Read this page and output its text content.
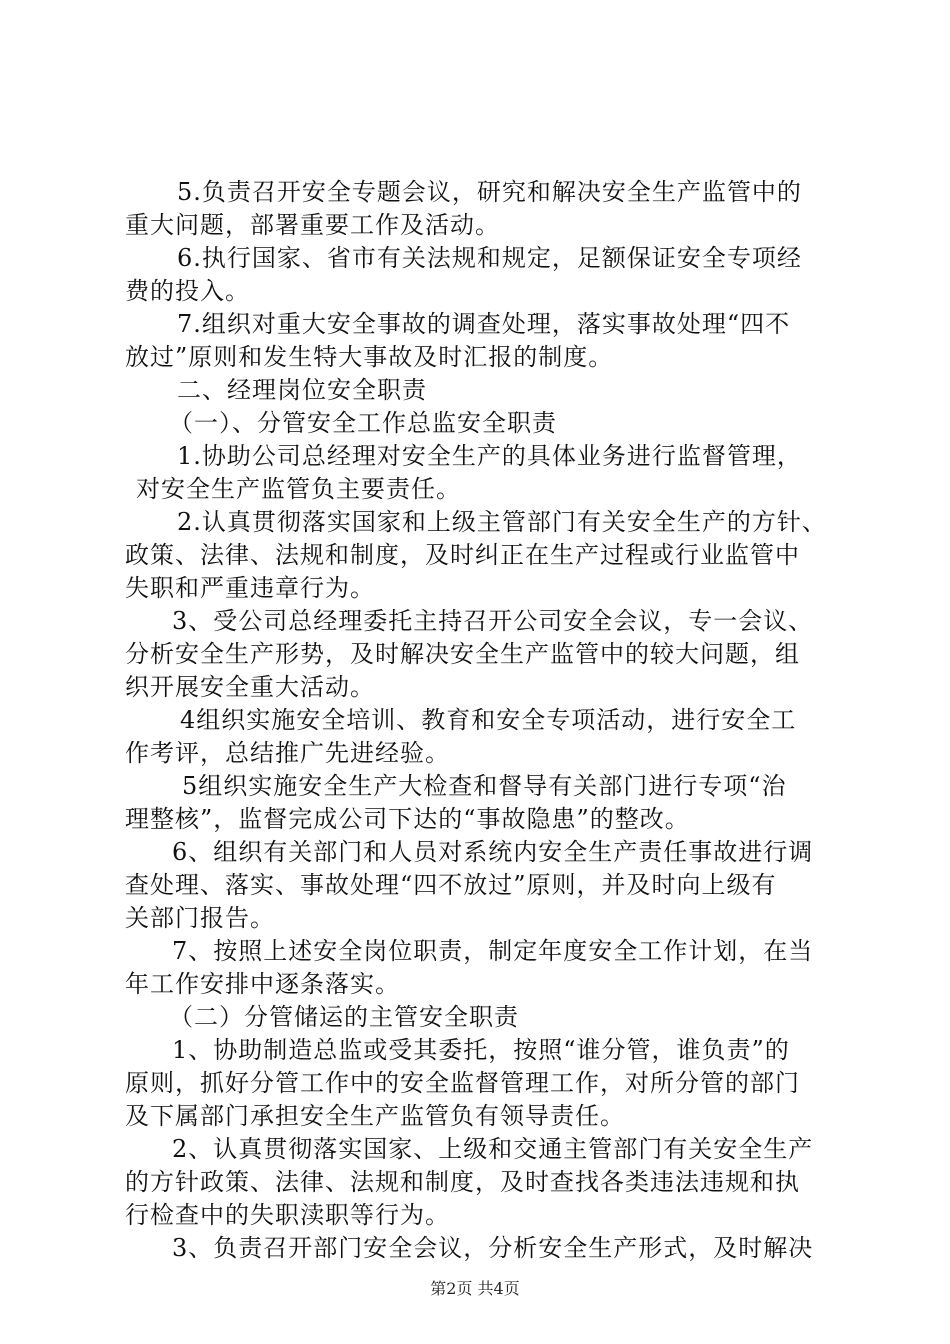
5.负责召开安全专题会议，研究和解决安全生产监管中的
重大问题，部署重要工作及活动。
6.执行国家、省市有关法规和规定，足额保证安全专项经
费的投入。
7.组织对重大安全事故的调查处理，落实事故处理“四不
放过”原则和发生特大事故及时汇报的制度。
二、经理岗位安全职责
（一）、分管安全工作总监安全职责
1.协助公司总经理对安全生产的具体业务进行监督管理，
对安全生产监管负主要责任。
2.认真贯彻落实国家和上级主管部门有关安全生产的方针、
政策、法律、法规和制度，及时纠正在生产过程或行业监管中
失职和严重违章行为。
3、受公司总经理委托主持召开公司安全会议，专一会议、
分析安全生产形势，及时解决安全生产监管中的较大问题，组
织开展安全重大活动。
4组织实施安全培训、教育和安全专项活动，进行安全工
作考评，总结推广先进经验。
5组织实施安全生产大检查和督导有关部门进行专项“治
理整核”，监督完成公司下达的“事故隐患”的整改。
6、组织有关部门和人员对系统内安全生产责任事故进行调
查处理、落实、事故处理“四不放过”原则，并及时向上级有
关部门报告。
7、按照上述安全岗位职责，制定年度安全工作计划，在当
年工作安排中逐条落实。
（二）分管储运的主管安全职责
1、协助制造总监或受其委托，按照“谁分管，谁负责”的
原则，抓好分管工作中的安全监督管理工作，对所分管的部门
及下属部门承担安全生产监管负有领导责任。
2、认真贯彻落实国家、上级和交通主管部门有关安全生产
的方针政策、法律、法规和制度，及时查找各类违法违规和执
行检查中的失职渎职等行为。
3、负责召开部门安全会议，分析安全生产形式，及时解决
第2页 共4页
